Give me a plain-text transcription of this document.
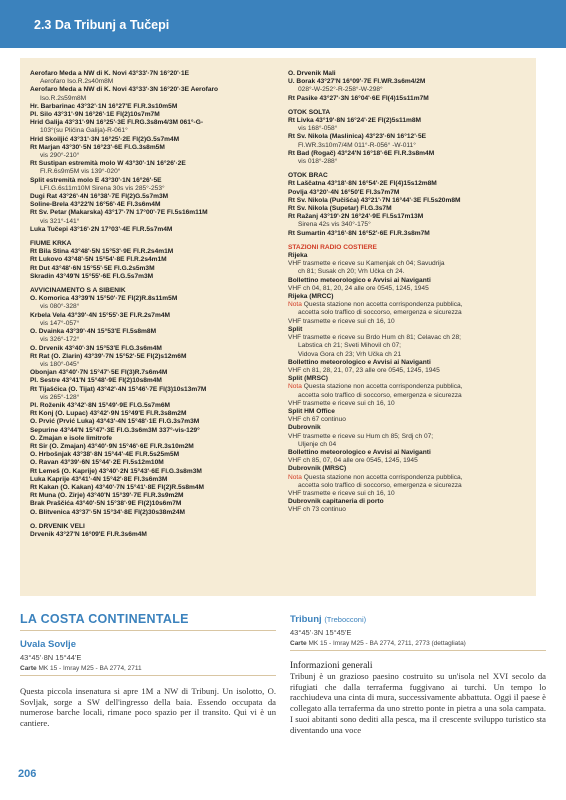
2.3 Da Tribunj a Tučepi
Aerofaro Meda a NW di K. Novi 43°33'·7N 16°20'·1E
Aerofaro Iso.R.2s40m8M
Aerofaro Meda a NW di K. Novi 43°33'·3N 16°20'·3E Aerofaro
Iso.R.2s59m8M
Hr. Barbarinac 43°32'·1N 16°27'E Fl.R.3s10m5M
Pl. Šilo 43°31'·9N 16°26'·1E Fl(2)10s7m7M
Hrid Galija 43°31'·9N 16°25'·3E Fl.RG.3s8m4/3M 061°-G-
103°(su Pličina Galija)-R-061°
Hrid Škoiljić 43°31'·3N 16°25'·2E Fl(2)G.5s7m4M
Rt Marjan 43°30'·5N 16°23'·6E Fl.G.3s8m5M
vis 290°-210°
Rt Sustipan estremità molo W 43°30'·1N 16°26'·2E
Fl.R.6s9m5M vis 139°-020°
Split estremità molo E 43°30'·1N 16°26'·5E
LFl.G.6s11m10M Sirena 30s vis 285°-253°
Dugi Rat 43°26'·4N 16°38'·7E Fl(2)G.5s7m3M
Soline-Brela 43°22'N 16°56'·4E Fl.3s6m4M
Rt Sv. Petar (Makarska) 43°17'·7N 17°00'·7E Fl.5s16m11M
vis 321°-141°
Luka Tučepi 43°16'·2N 17°03'·4E Fl.R.5s7m4M
FIUME KRKA
Rt Bila Stina 43°48'·5N 15°53'·9E Fl.R.2s4m1M
Rt Lukovo 43°48'·5N 15°54'·8E Fl.R.2s4m1M
Rt Dut 43°48'·6N 15°55'·5E Fl.G.2s5m3M
Skradin 43°49'N 15°55'·6E Fl.G.5s7m3M
AVVICINAMENTO S A ŠIBENIK
O. Komorica 43°39'N 15°50'·7E Fl(2)R.8s11m5M
vis 080°-328°
Krbela Vela 43°39'·4N 15°55'·3E Fl.R.2s7m4M
vis 147°-057°
O. Dvainka 43°39'·4N 15°53'E Fl.5s8m8M
vis 326°-172°
O. Drvenik 43°40'·3N 15°53'E Fl.G.3s6m4M
Rt Rat (O. Zlarin) 43°39'·7N 15°52'·5E Fl(2)s12m6M
vis 180°-045°
Obonjan 43°40'·7N 15°47'·5E Fl(3)R.7s6m4M
Pl. Sestre 43°41'N 15°48'·9E Fl(2)10s8m4M
Rt Tijašćica (O. Tijat) 43°42'·4N 15°46'·7E Fl(3)10s13m7M
vis 265°-128°
Pl. Roženik 43°42'·8N 15°49'·9E Fl.G.5s7m6M
Rt Konj (O. Lupac) 43°42'·9N 15°49'E Fl.R.3s8m2M
O. Prvić (Prvić Luka) 43°43'·4N 15°48'·1E Fl.G.3s7m3M
Šepurine 43°44'N 15°47'·3E Fl.G.3s6m3M 337°-vis-129°
O. Zmajan e isole limitrofe
Rt Sir (O. Zmajan) 43°40'·9N 15°46'·6E Fl.R.3s10m2M
O. Hrbošnjak 43°38'·8N 15°44'·4E Fl.R.5s25m5M
O. Ravan 43°39'·6N 15°44'·2E Fl.5s12m10M
Rt Lemeš (O. Kaprije) 43°40'·2N 15°43'·6E Fl.G.3s8m3M
Luka Kaprije 43°41'·4N 15°42'·8E Fl.3s6m3M
Rt Kakan (O. Kakan) 43°40'·7N 15°41'·8E Fl(2)R.5s8m4M
Rt Muna (O. Žirje) 43°40'N 15°39'·7E Fl.R.3s9m2M
Brak Praščića 43°40'·5N 15°38'·9E Fl(2)10s6m7M
O. Blitvenica 43°37'·5N 15°34'·8E Fl(2)30s38m24M
O. DRVENIK VELI
Drvenik 43°27'N 16°09'E Fl.R.3s6m4M
O. Drvenik Mali
U. Borak 43°27'N 16°09'·7E Fl.WR.3s6m4/2M
028°-W-252°-R-258°-W-298°
Rt Pasike 43°27'·3N 16°04'·6E Fl(4)15s11m7M
OTOK ŠOLTA
Rt Livka 43°19'·8N 16°24'·2E Fl(2)5s11m8M
vis 168°-058°
Rt Sv. Nikola (Maslinica) 43°23'·6N 16°12'·5E
Fl.WR.3s10m7/4M 011°-R-056° -W-011°
Rt Bad (Rogač) 43°24'N 16°18'·6E Fl.R.3s8m4M
vis 018°-288°
OTOK BRAČ
Rt Laščatna 43°18'·8N 16°54'·2E Fl(4)15s12m8M
Povlja 43°20'·4N 16°50'E Fl.3s7m7M
Rt Sv. Nikola (Pučišća) 43°21'·7N 16°44'·3E Fl.5s20m8M
Rt Sv. Nikola (Supetar) Fl.G.3s7M
Rt Ražanj 43°19'·2N 16°24'·9E Fl.5s17m13M
Sirena 42s vis 340°-175°
Rt Sumartin 43°16'·8N 16°52'·6E Fl.R.3s8m7M
STAZIONI RADIO COSTIERE
Rijeka
VHF trasmette e riceve su Kamenjak ch 04; Savudrija
ch 81; Susak ch 20; Vrh Učka ch 24.
Bollettino meteorologico e Avvisi ai Naviganti
VHF ch 04, 81, 20, 24 alle ore 0545, 1245, 1945
Rijeka (MRCC)
Nota Questa stazione non accetta corrispondenza pubblica,
accetta solo traffico di soccorso, emergenza e sicurezza
VHF trasmette e riceve sui ch 16, 10
Split
VHF trasmette e riceve su Brdo Hum ch 81; Celavac ch 28;
Labstica ch 21; Sveti Mihovil ch 07;
Vidova Gora ch 23; Vrh Učka ch 21
Bollettino meteorologico e Avvisi ai Naviganti
VHF ch 81, 28, 21, 07, 23 alle ore 0545, 1245, 1945
Split (MRSC)
Nota Questa stazione non accetta corrispondenza pubblica,
accetta solo traffico di soccorso, emergenza e sicurezza
VHF trasmette e riceve sui ch 16, 10
Split HM Office
VHF ch 67 continuo
Dubrovnik
VHF trasmette e riceve su Hum ch 85; Srdj ch 07;
Uljenje ch 04
Bollettino meteorologico e Avvisi ai Naviganti
VHF ch 85, 07, 04 alle ore 0545, 1245, 1945
Dubrovnik (MRSC)
Nota Questa stazione non accetta corrispondenza pubblica,
accetta solo traffico di soccorso, emergenza e sicurezza
VHF trasmette e riceve sui ch 16, 10
Dubrovnik capitaneria di porto
VHF ch 73 continuo
LA COSTA CONTINENTALE
Uvala Sovlje
43°45'·8N 15°44'E
Carte MK 15 - Imray M25 - BA 2774, 2711
Questa piccola insenatura si apre 1M a NW di Tribunj. Un isolotto, O. Sovljak, sorge a SW dell'ingresso della baia. Essendo occupata da numerose barche locali, rimane poco spazio per il transito. Qui vi è un cantiere.
Tribunj (Trebocconi)
43°45'·3N 15°45'E
Carte MK 15 - Imray M25 - BA 2774, 2711, 2773 (dettagliata)
Informazioni generali
Tribunj è un grazioso paesino costruito su un'isola nel XVI secolo da rifugiati che dalla terraferma fuggivano ai turchi. Un tempo lo racchiudeva una cinta di mura, successivamente abbattuta. Oggi il paese è collegato alla terraferma da uno stretto ponte in pietra a una sola campata. I suoi abitanti sono dediti alla pesca, ma il crescente sviluppo turistico sta diventando una voce
206
